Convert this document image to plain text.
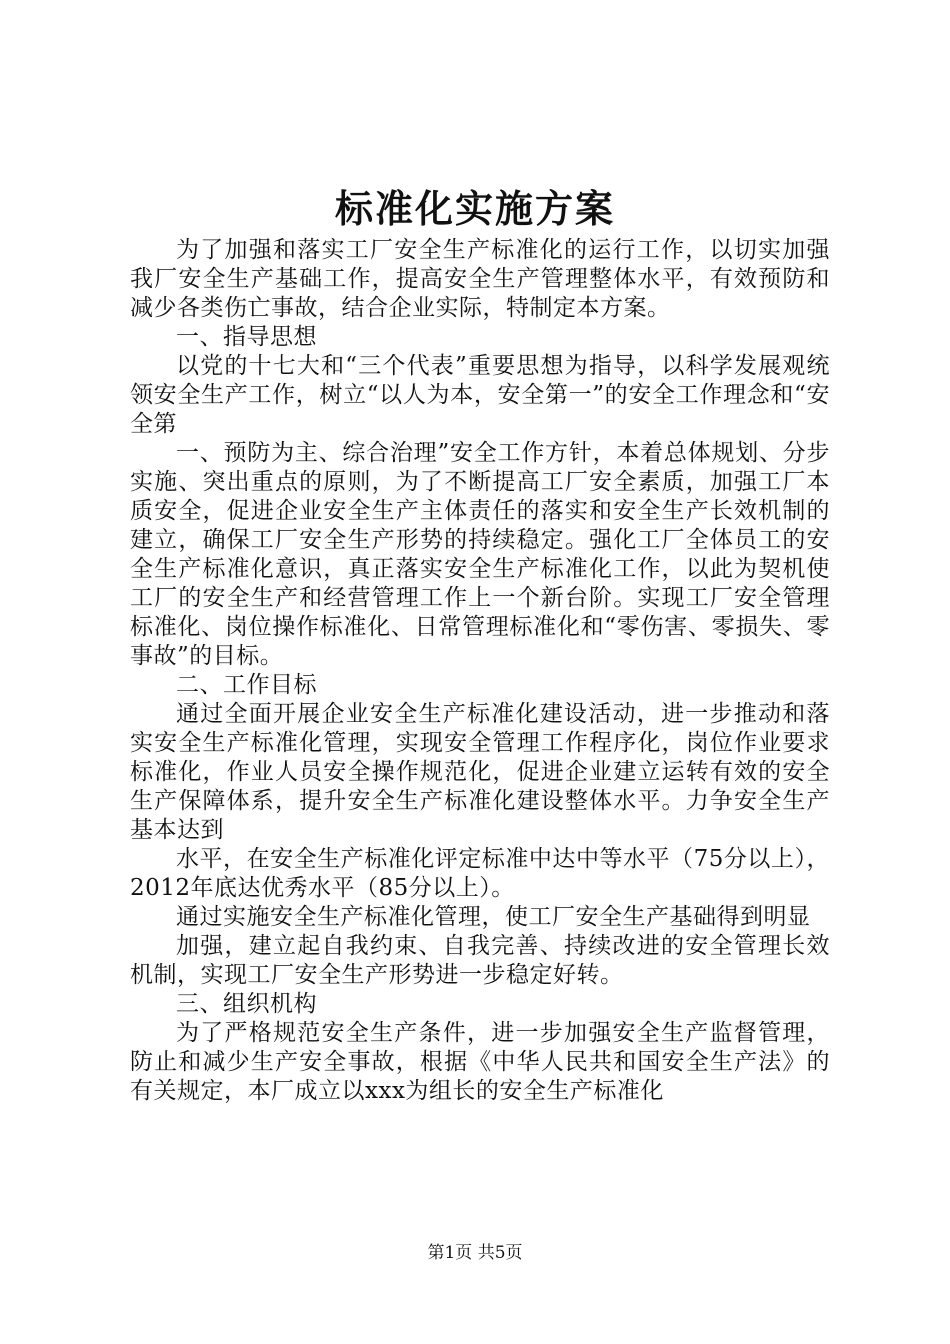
标准化实施方案

为了加强和落实工厂安全生产标准化的运行工作，以切实加强我厂安全生产基础工作，提高安全生产管理整体水平，有效预防和减少各类伤亡事故，结合企业实际，特制定本方案。

一、指导思想

以党的十七大和“三个代表”重要思想为指导，以科学发展观统领安全生产工作，树立“以人为本，安全第一”的安全工作理念和“安全第

一、预防为主、综合治理”安全工作方针，本着总体规划、分步实施、突出重点的原则，为了不断提高工厂安全素质，加强工厂本质安全，促进企业安全生产主体责任的落实和安全生产长效机制的建立，确保工厂安全生产形势的持续稳定。强化工厂全体员工的安全生产标准化意识，真正落实安全生产标准化工作，以此为契机使工厂的安全生产和经营管理工作上一个新台阶。实现工厂安全管理标准化、岗位操作标准化、日常管理标准化和“零伤害、零损失、零事故”的目标。

二、工作目标

通过全面开展企业安全生产标准化建设活动，进一步推动和落实安全生产标准化管理，实现安全管理工作程序化，岗位作业要求标准化，作业人员安全操作规范化，促进企业建立运转有效的安全生产保障体系，提升安全生产标准化建设整体水平。力争安全生产基本达到

水平，在安全生产标准化评定标准中达中等水平（75分以上），2012年底达优秀水平（85分以上）。

通过实施安全生产标准化管理，使工厂安全生产基础得到明显

加强，建立起自我约束、自我完善、持续改进的安全管理长效机制，实现工厂安全生产形势进一步稳定好转。

三、组织机构

为了严格规范安全生产条件，进一步加强安全生产监督管理，防止和减少生产安全事故，根据《中华人民共和国安全生产法》的有关规定，本厂成立以xxx为组长的安全生产标准化

第1页 共5页
